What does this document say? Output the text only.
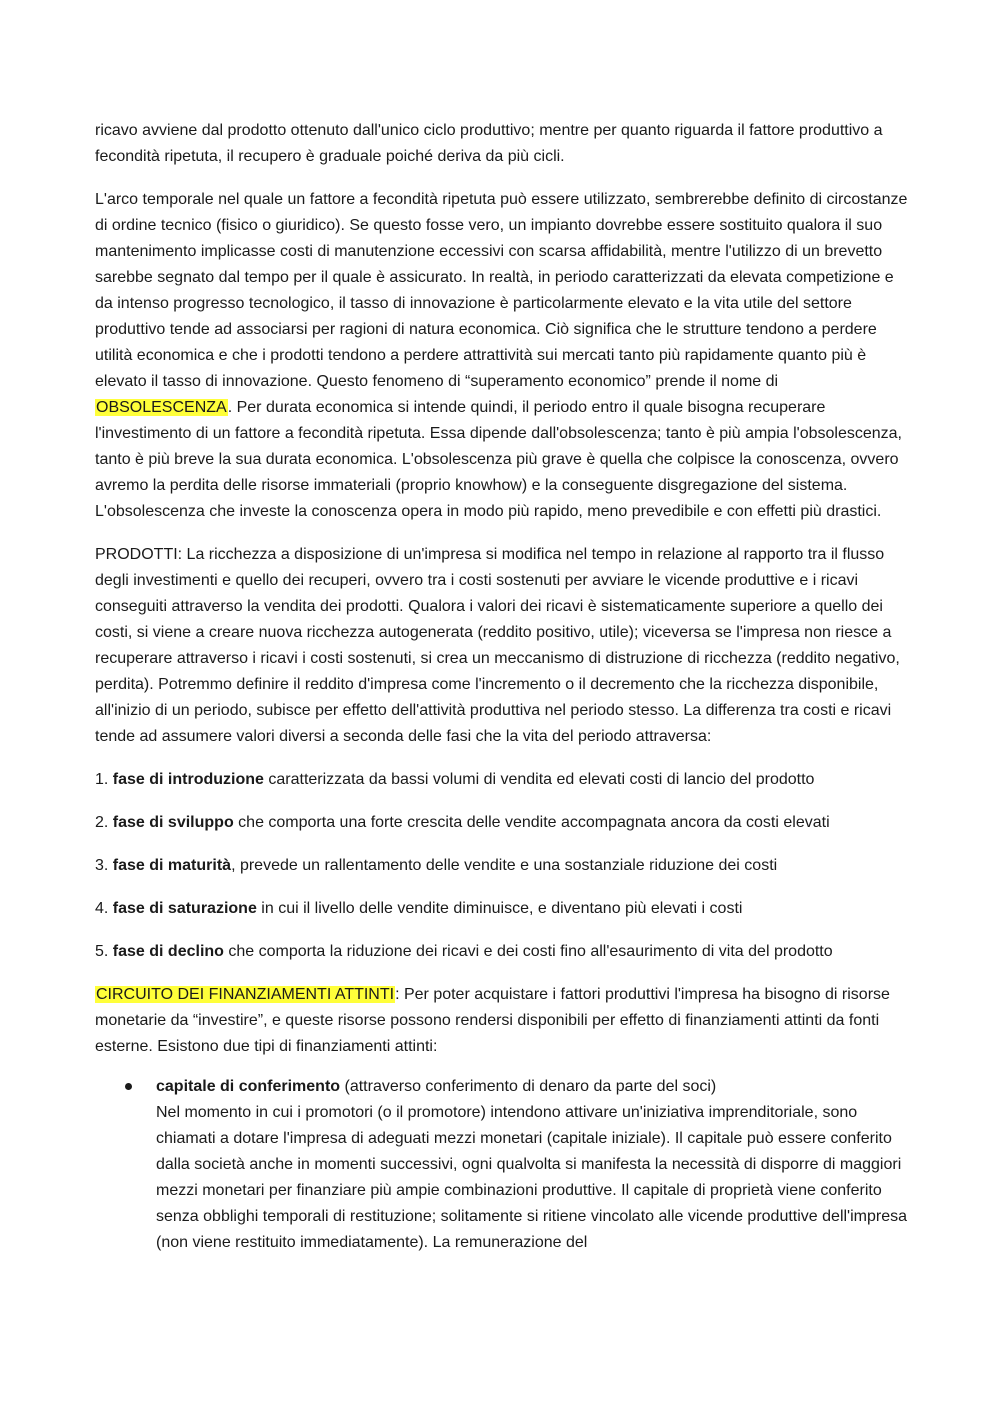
ricavo avviene dal prodotto ottenuto dall'unico ciclo produttivo; mentre per quanto riguarda il fattore produttivo a fecondità ripetuta, il recupero è graduale poiché deriva da più cicli.

L'arco temporale nel quale un fattore a fecondità ripetuta può essere utilizzato, sembrerebbe definito di circostanze di ordine tecnico (fisico o giuridico). Se questo fosse vero, un impianto dovrebbe essere sostituito qualora il suo mantenimento implicasse costi di manutenzione eccessivi con scarsa affidabilità, mentre l'utilizzo di un brevetto sarebbe segnato dal tempo per il quale è assicurato. In realtà, in periodo caratterizzati da elevata competizione e da intenso progresso tecnologico, il tasso di innovazione è particolarmente elevato e la vita utile del settore produttivo tende ad associarsi per ragioni di natura economica. Ciò significa che le strutture tendono a perdere utilità economica e che i prodotti tendono a perdere attrattività sui mercati tanto più rapidamente quanto più è elevato il tasso di innovazione. Questo fenomeno di “superamento economico” prende il nome di OBSOLESCENZA. Per durata economica si intende quindi, il periodo entro il quale bisogna recuperare l'investimento di un fattore a fecondità ripetuta. Essa dipende dall'obsolescenza; tanto è più ampia l'obsolescenza, tanto è più breve la sua durata economica. L'obsolescenza più grave è quella che colpisce la conoscenza, ovvero avremo la perdita delle risorse immateriali (proprio knowhow) e la conseguente disgregazione del sistema. L'obsolescenza che investe la conoscenza opera in modo più rapido, meno prevedibile e con effetti più drastici.

PRODOTTI: La ricchezza a disposizione di un'impresa si modifica nel tempo in relazione al rapporto tra il flusso degli investimenti e quello dei recuperi, ovvero tra i costi sostenuti per avviare le vicende produttive e i ricavi conseguiti attraverso la vendita dei prodotti. Qualora i valori dei ricavi è sistematicamente superiore a quello dei costi, si viene a creare nuova ricchezza autogenerata (reddito positivo, utile); viceversa se l'impresa non riesce a recuperare attraverso i ricavi i costi sostenuti, si crea un meccanismo di distruzione di ricchezza (reddito negativo, perdita). Potremmo definire il reddito d'impresa come l'incremento o il decremento che la ricchezza disponibile, all'inizio di un periodo, subisce per effetto dell'attività produttiva nel periodo stesso. La differenza tra costi e ricavi tende ad assumere valori diversi a seconda delle fasi che la vita del periodo attraversa:

1. fase di introduzione caratterizzata da bassi volumi di vendita ed elevati costi di lancio del prodotto
2. fase di sviluppo che comporta una forte crescita delle vendite accompagnata ancora da costi elevati
3. fase di maturità, prevede un rallentamento delle vendite e una sostanziale riduzione dei costi
4. fase di saturazione in cui il livello delle vendite diminuisce, e diventano più elevati i costi
5. fase di declino che comporta la riduzione dei ricavi e dei costi fino all'esaurimento di vita del prodotto

CIRCUITO DEI FINANZIAMENTI ATTINTI: Per poter acquistare i fattori produttivi l'impresa ha bisogno di risorse monetarie da “investire”, e queste risorse possono rendersi disponibili per effetto di finanziamenti attinti da fonti esterne. Esistono due tipi di finanziamenti attinti:

capitale di conferimento (attraverso conferimento di denaro da parte del soci)
Nel momento in cui i promotori (o il promotore) intendono attivare un'iniziativa imprenditoriale, sono chiamati a dotare l'impresa di adeguati mezzi monetari (capitale iniziale). Il capitale può essere conferito dalla società anche in momenti successivi, ogni qualvolta si manifesta la necessità di disporre di maggiori mezzi monetari per finanziare più ampie combinazioni produttive. Il capitale di proprietà viene conferito senza obblighi temporali di restituzione; solitamente si ritiene vincolato alle vicende produttive dell'impresa (non viene restituito immediatamente). La remunerazione del
